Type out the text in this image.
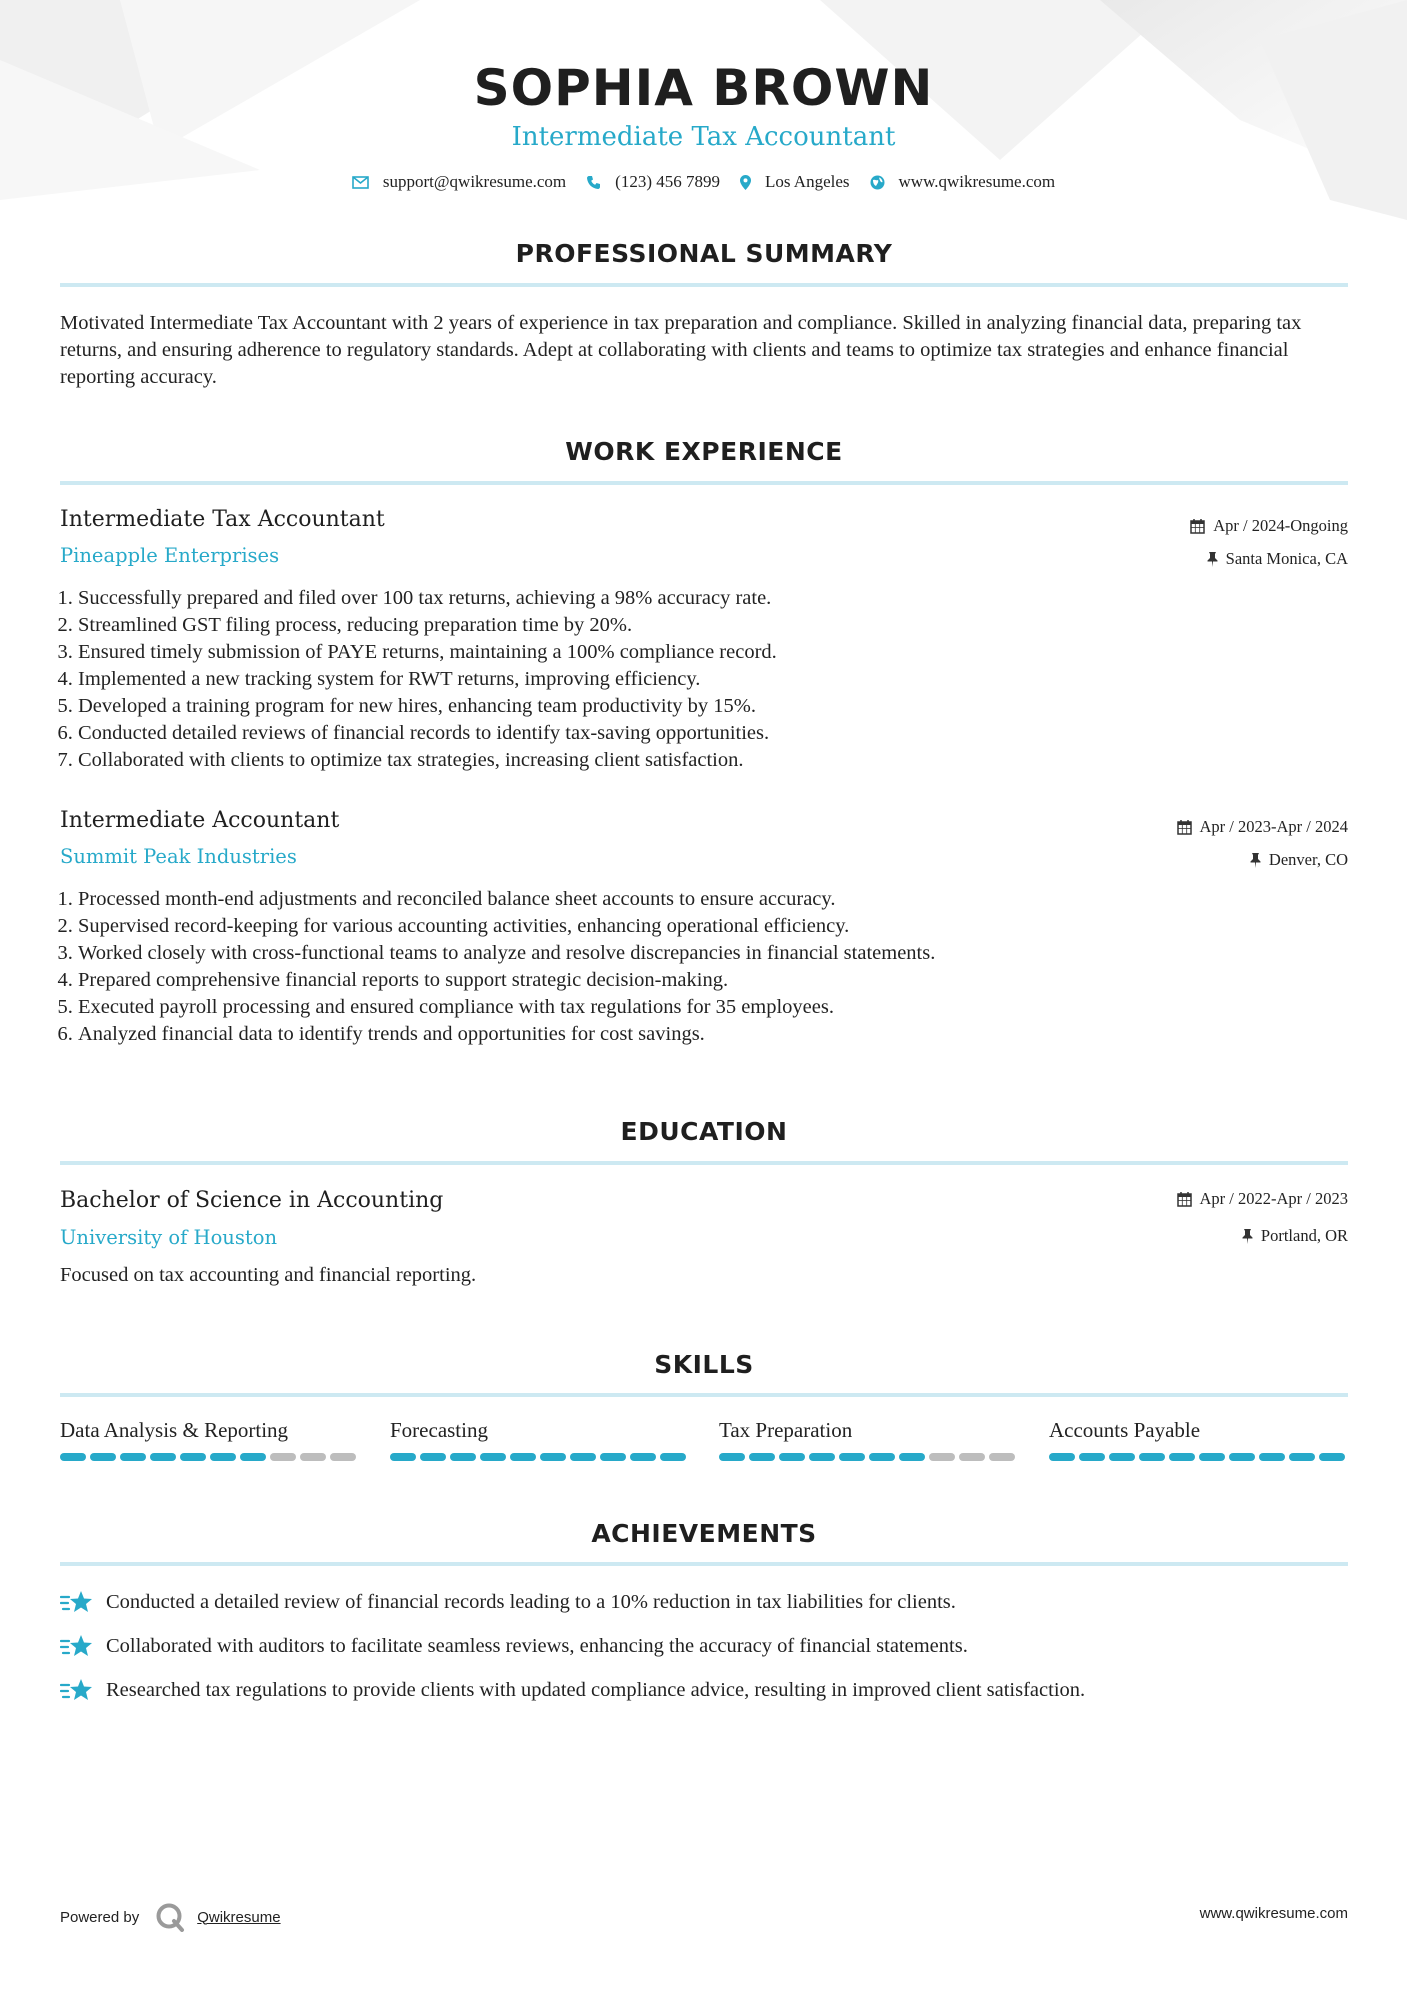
SOPHIA BROWN
Intermediate Tax Accountant
support@qwikresume.com	(123) 456 7899	Los Angeles	www.qwikresume.com
PROFESSIONAL SUMMARY
Motivated Intermediate Tax Accountant with 2 years of experience in tax preparation and compliance. Skilled in analyzing financial data, preparing tax returns, and ensuring adherence to regulatory standards. Adept at collaborating with clients and teams to optimize tax strategies and enhance financial reporting accuracy.
WORK EXPERIENCE
Intermediate Tax Accountant
Pineapple Enterprises
Apr / 2024-Ongoing
Santa Monica, CA
1. Successfully prepared and filed over 100 tax returns, achieving a 98% accuracy rate.
2. Streamlined GST filing process, reducing preparation time by 20%.
3. Ensured timely submission of PAYE returns, maintaining a 100% compliance record.
4. Implemented a new tracking system for RWT returns, improving efficiency.
5. Developed a training program for new hires, enhancing team productivity by 15%.
6. Conducted detailed reviews of financial records to identify tax-saving opportunities.
7. Collaborated with clients to optimize tax strategies, increasing client satisfaction.
Intermediate Accountant
Summit Peak Industries
Apr / 2023-Apr / 2024
Denver, CO
1. Processed month-end adjustments and reconciled balance sheet accounts to ensure accuracy.
2. Supervised record-keeping for various accounting activities, enhancing operational efficiency.
3. Worked closely with cross-functional teams to analyze and resolve discrepancies in financial statements.
4. Prepared comprehensive financial reports to support strategic decision-making.
5. Executed payroll processing and ensured compliance with tax regulations for 35 employees.
6. Analyzed financial data to identify trends and opportunities for cost savings.
EDUCATION
Bachelor of Science in Accounting
University of Houston
Apr / 2022-Apr / 2023
Portland, OR
Focused on tax accounting and financial reporting.
SKILLS
Data Analysis & Reporting	Forecasting	Tax Preparation	Accounts Payable
ACHIEVEMENTS
Conducted a detailed review of financial records leading to a 10% reduction in tax liabilities for clients.
Collaborated with auditors to facilitate seamless reviews, enhancing the accuracy of financial statements.
Researched tax regulations to provide clients with updated compliance advice, resulting in improved client satisfaction.
Powered by	Qwikresume	www.qwikresume.com
